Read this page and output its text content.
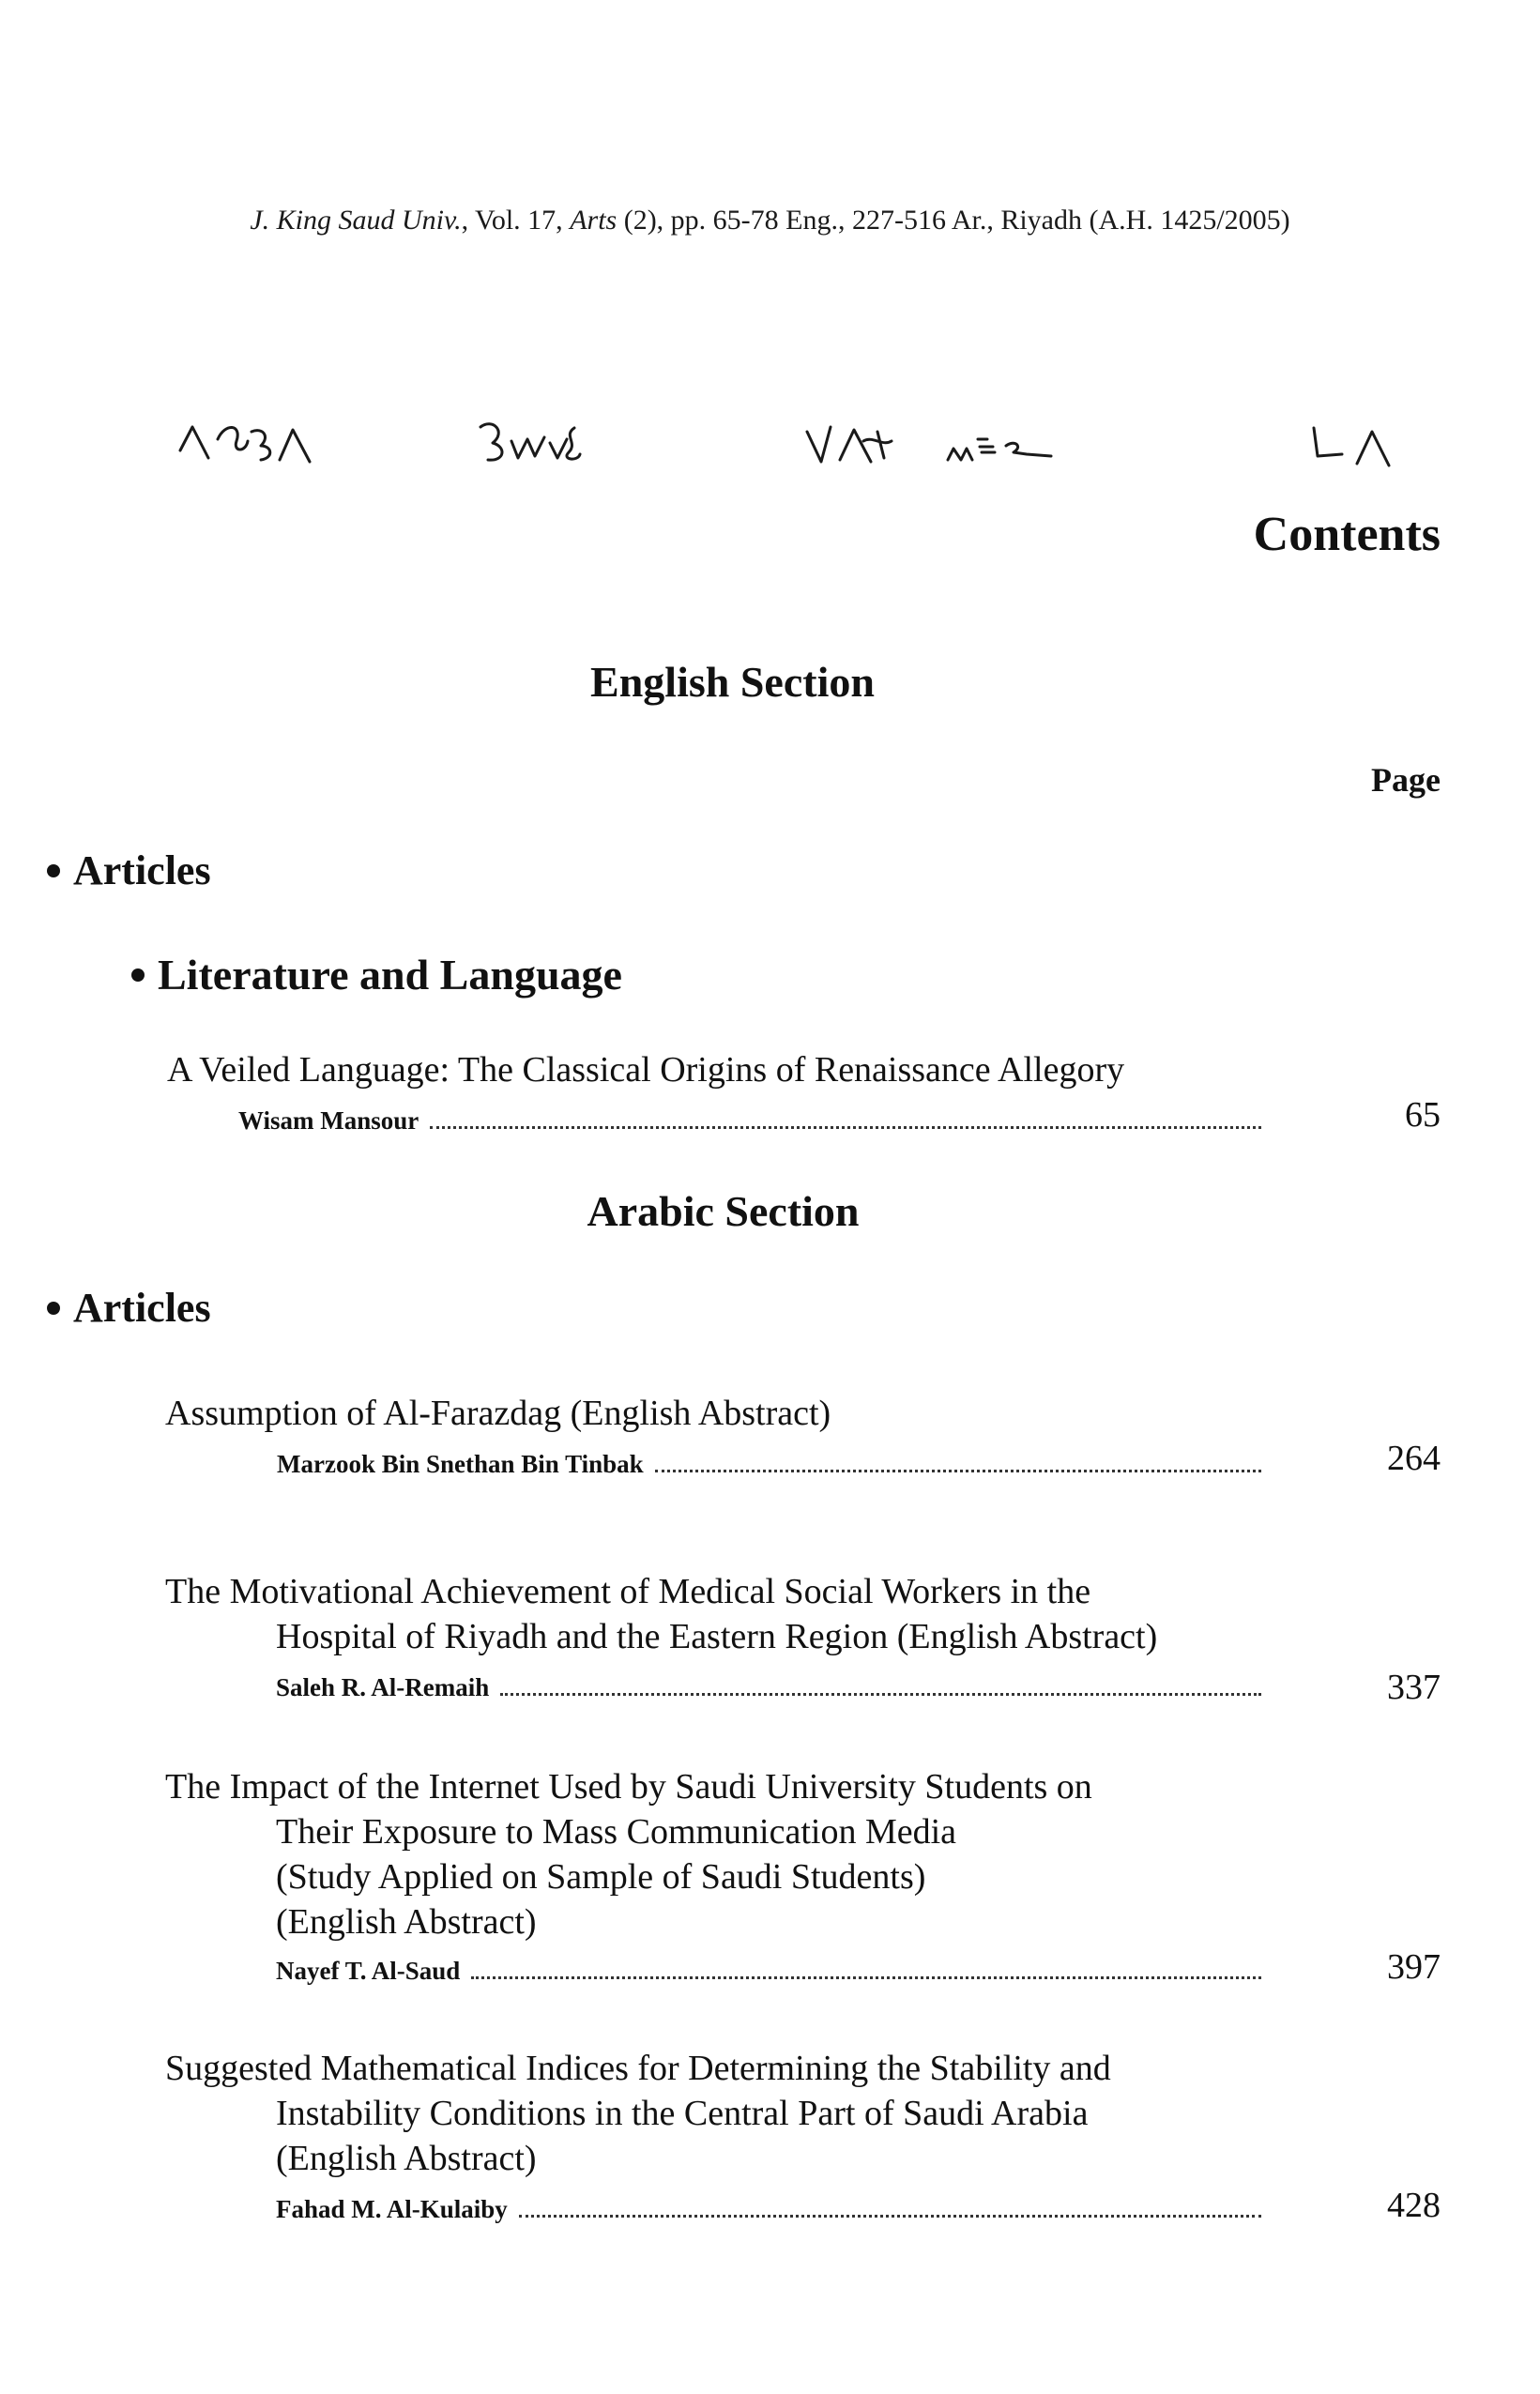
J. King Saud Univ., Vol. 17, Arts (2), pp. 65-78 Eng., 227-516 Ar., Riyadh (A.H. 1425/2005)
Contents
English Section
Page
Articles
Literature and Language
A Veiled Language: The Classical Origins of Renaissance Allegory
Wisam Mansour	65
Arabic Section
Articles
Assumption of Al-Farazdag (English Abstract)
Marzook Bin Snethan Bin Tinbak	264
The Motivational Achievement of Medical Social Workers in the
Hospital of Riyadh and the Eastern Region (English Abstract)
Saleh R. Al-Remaih	337
The Impact of the Internet Used by Saudi University Students on
Their Exposure to Mass Communication Media
(Study Applied on Sample of Saudi Students)
(English Abstract)
Nayef T. Al-Saud	397
Suggested Mathematical Indices for Determining the Stability and
Instability Conditions in the Central Part of Saudi Arabia
(English Abstract)
Fahad M. Al-Kulaiby	428
